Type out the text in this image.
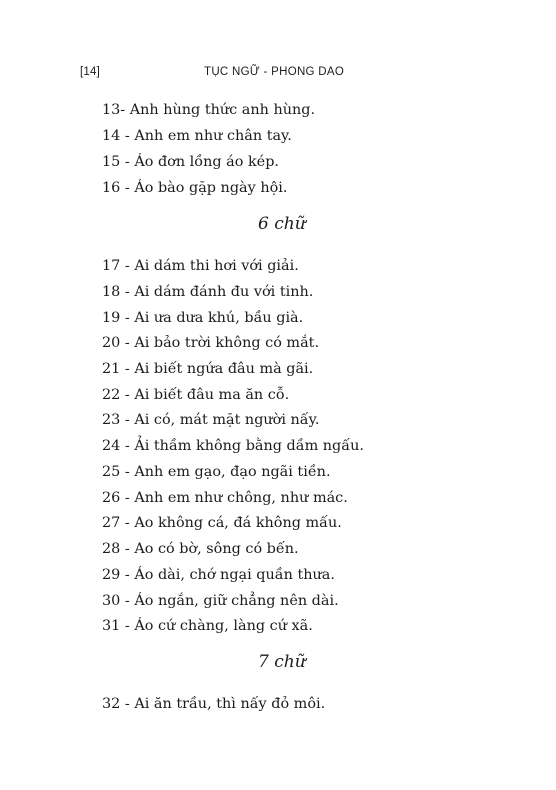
[14]	TỤC NGỮ - PHONG DAO
13- Anh hùng thức anh hùng.
14 - Anh em như chân tay.
15 - Áo đơn lồng áo kép.
16 - Áo bào gặp ngày hội.
6 chữ
17 - Ai dám thi hơi với giải.
18 - Ai dám đánh đu với tinh.
19 - Ai ưa dưa khú, bầu già.
20 - Ai bảo trời không có mắt.
21 - Ai biết ngứa đâu mà gãi.
22 - Ai biết đâu ma ăn cỗ.
23 - Ai có, mát mặt người nấy.
24 - Ải thầm không bằng dầm ngấu.
25 - Anh em gạo, đạo ngãi tiền.
26 - Anh em như chông, như mác.
27 - Ao không cá, đá không mấu.
28 - Ao có bờ, sông có bến.
29 - Áo dài, chớ ngại quần thưa.
30 - Áo ngắn, giữ chẳng nên dài.
31 - Áo cứ chàng, làng cứ xã.
7 chữ
32 - Ai ăn trầu, thì nấy đỏ môi.
